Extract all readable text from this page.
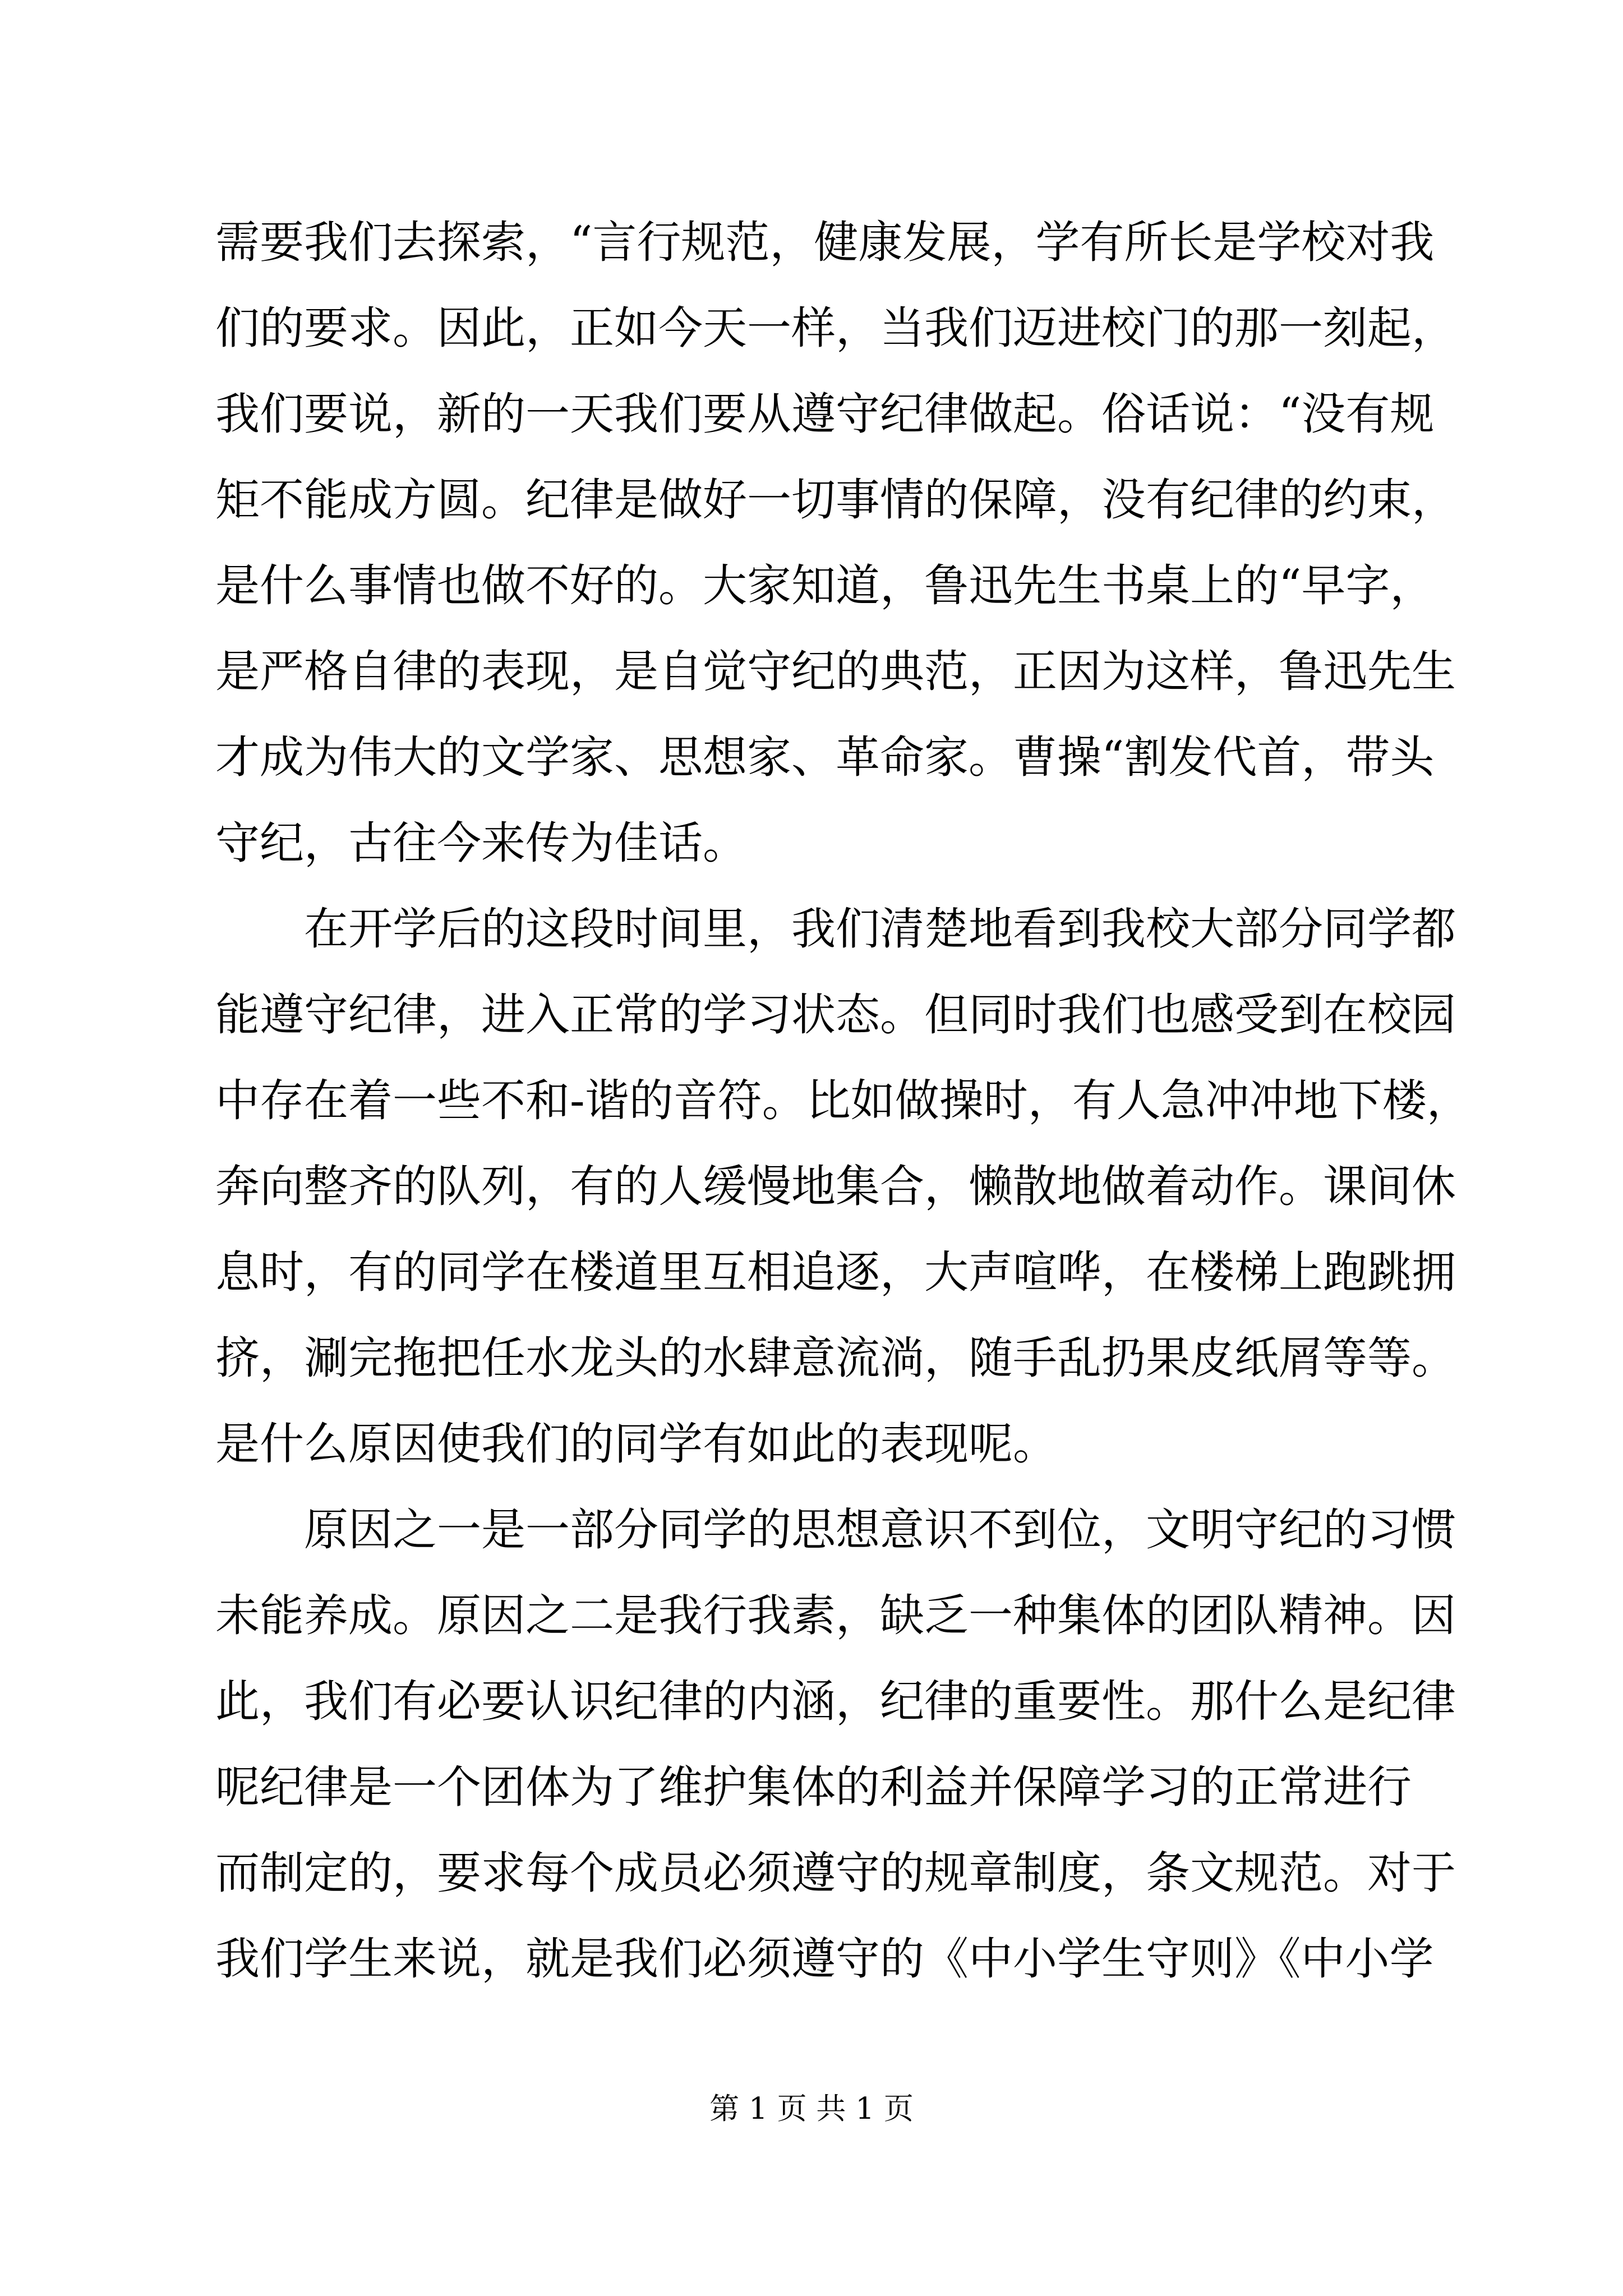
需要我们去探索，“言行规范，健康发展，学有所长是学校对我
们的要求。因此，正如今天一样，当我们迈进校门的那一刻起，
我们要说，新的一天我们要从遵守纪律做起。俗话说：“没有规
矩不能成方圆。纪律是做好一切事情的保障，没有纪律的约束，
是什么事情也做不好的。大家知道，鲁迅先生书桌上的“早字，
是严格自律的表现，是自觉守纪的典范，正因为这样，鲁迅先生
才成为伟大的文学家、思想家、革命家。曹操“割发代首，带头
守纪，古往今来传为佳话。
在开学后的这段时间里，我们清楚地看到我校大部分同学都
能遵守纪律，进入正常的学习状态。但同时我们也感受到在校园
中存在着一些不和-谐的音符。比如做操时，有人急冲冲地下楼，
奔向整齐的队列，有的人缓慢地集合，懒散地做着动作。课间休
息时，有的同学在楼道里互相追逐，大声喧哗，在楼梯上跑跳拥
挤，涮完拖把任水龙头的水肆意流淌，随手乱扔果皮纸屑等等。
是什么原因使我们的同学有如此的表现呢。
原因之一是一部分同学的思想意识不到位，文明守纪的习惯
未能养成。原因之二是我行我素，缺乏一种集体的团队精神。因
此，我们有必要认识纪律的内涵，纪律的重要性。那什么是纪律
呢纪律是一个团体为了维护集体的利益并保障学习的正常进行
而制定的，要求每个成员必须遵守的规章制度，条文规范。对于
我们学生来说，就是我们必须遵守的《中小学生守则》《中小学
第 1 页 共 1 页
